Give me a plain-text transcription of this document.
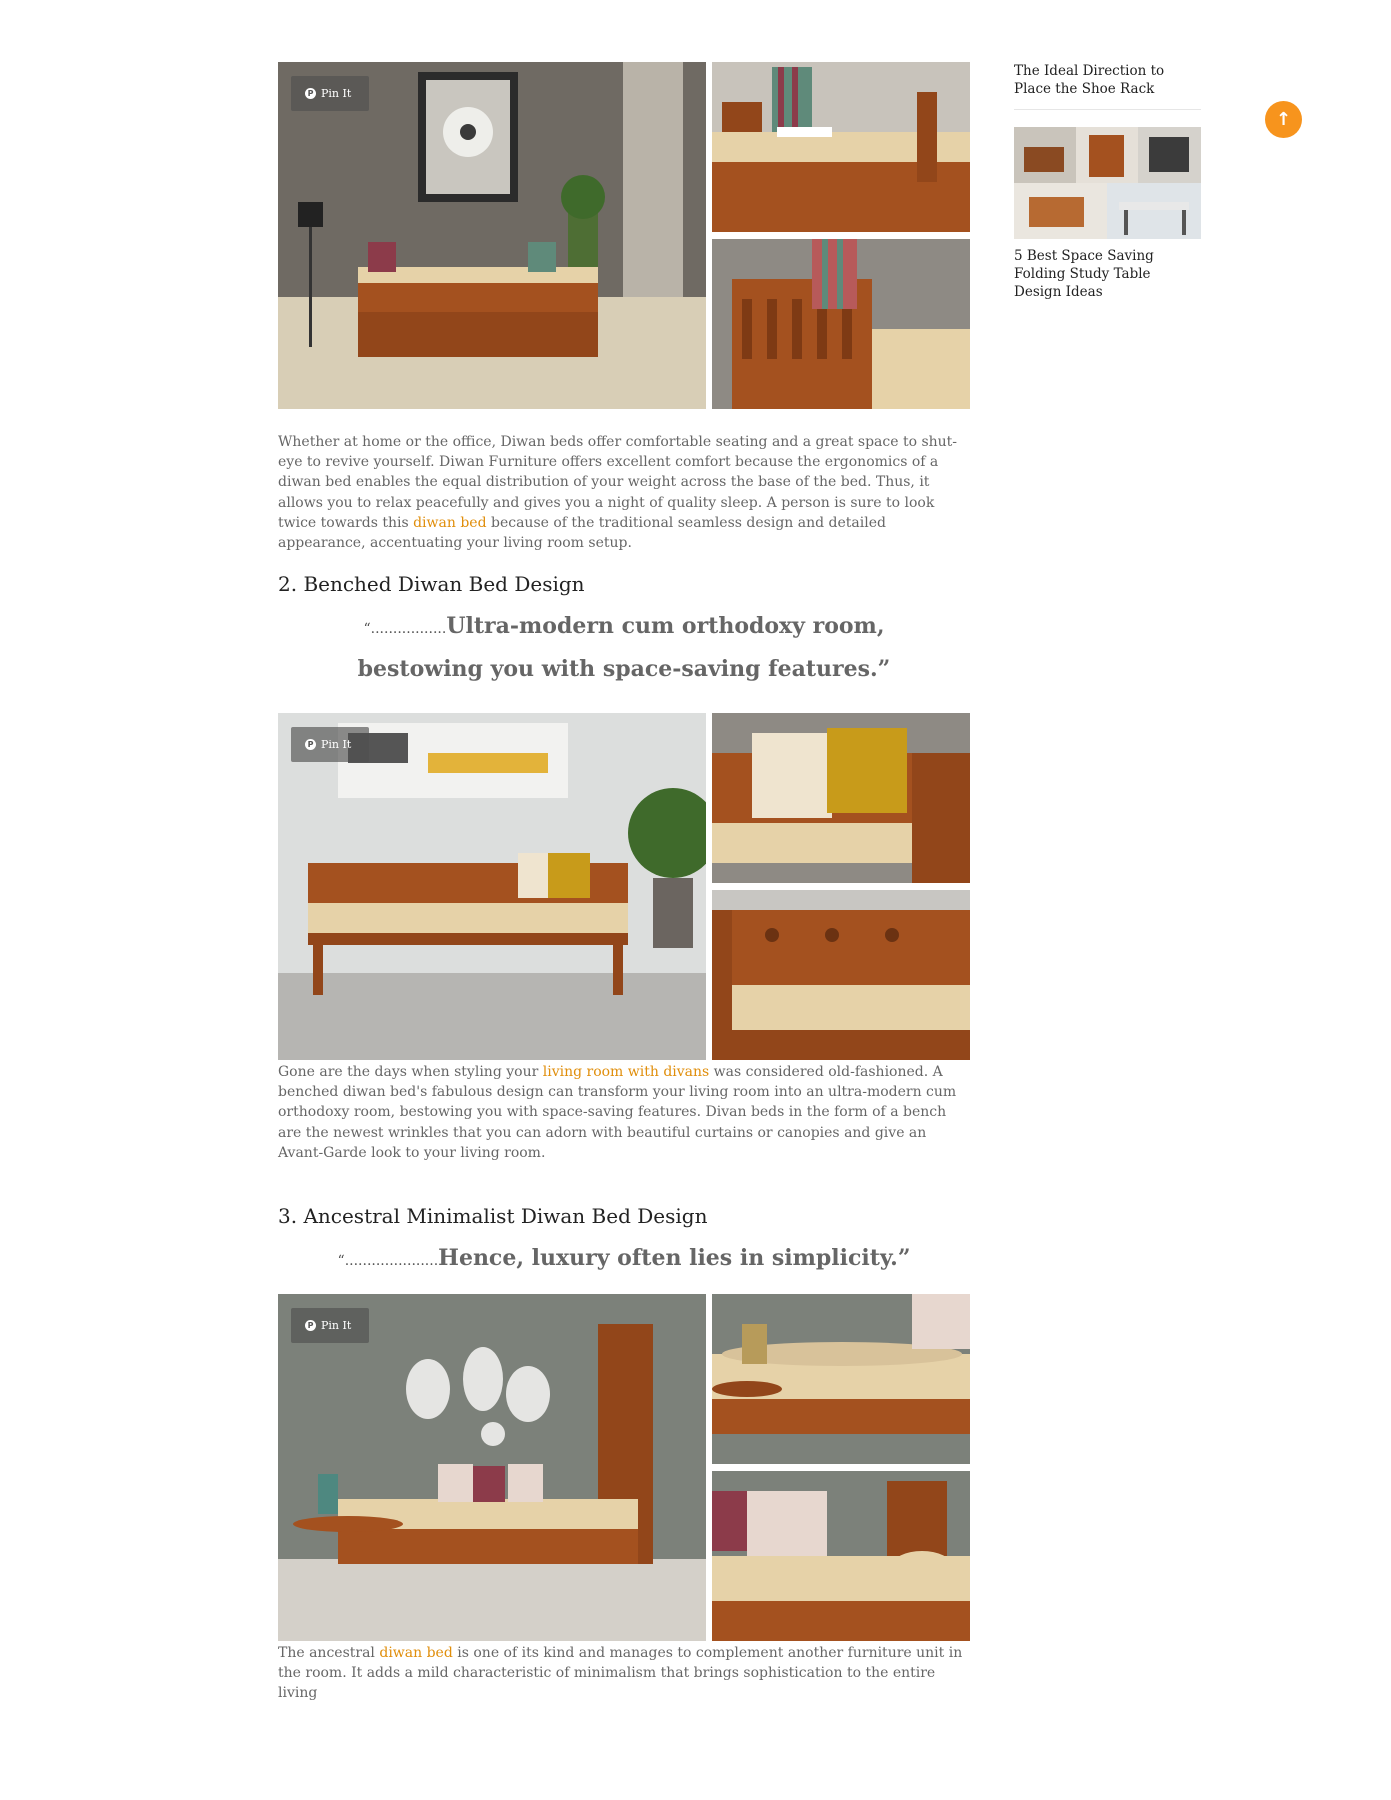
P Pin It

Whether at home or the office, Diwan beds offer comfortable seating and a great space to shut-eye to revive yourself. Diwan Furniture offers excellent comfort because the ergonomics of a diwan bed enables the equal distribution of your weight across the base of the bed. Thus, it allows you to relax peacefully and gives you a night of quality sleep. A person is sure to look twice towards this diwan bed because of the traditional seamless design and detailed appearance, accentuating your living room setup.

2. Benched Diwan Bed Design
“.................Ultra-modern cum orthodoxy room,
bestowing you with space-saving features.”
P Pin It

Gone are the days when styling your living room with divans was considered old-fashioned. A benched diwan bed's fabulous design can transform your living room into an ultra-modern cum orthodoxy room, bestowing you with space-saving features. Divan beds in the form of a bench are the newest wrinkles that you can adorn with beautiful curtains or canopies and give an Avant-Garde look to your living room.

3. Ancestral Minimalist Diwan Bed Design
“.....................Hence, luxury often lies in simplicity.”
P Pin It

The ancestral diwan bed is one of its kind and manages to complement another furniture unit in the room. It adds a mild characteristic of minimalism that brings sophistication to the entire living

The Ideal Direction to Place the Shoe Rack
5 Best Space Saving Folding Study Table Design Ideas
↑
